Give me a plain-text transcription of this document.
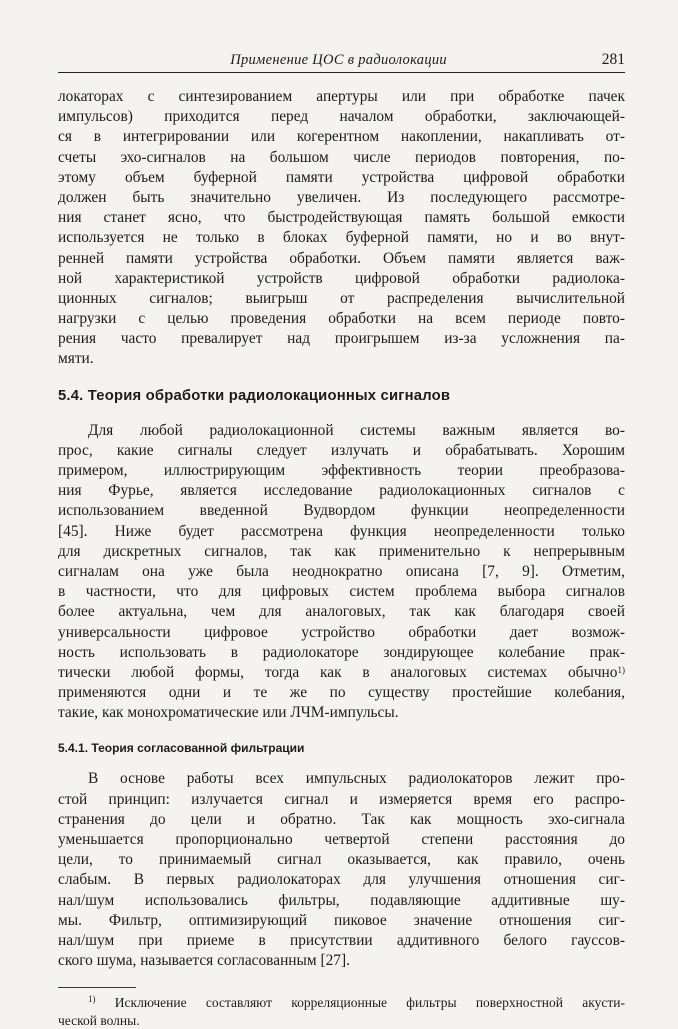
Применение ЦОС в радиолокации	281
локаторах с синтезированием апертуры или при обработке пачек
импульсов) приходится перед началом обработки, заключающей-
ся в интегрировании или когерентном накоплении, накапливать от-
счеты эхо-сигналов на большом числе периодов повторения, по-
этому объем буферной памяти устройства цифровой обработки
должен быть значительно увеличен. Из последующего рассмотре-
ния станет ясно, что быстродействующая память большой емкости
используется не только в блоках буферной памяти, но и во внут-
ренней памяти устройства обработки. Объем памяти является важ-
ной характеристикой устройств цифровой обработки радиолока-
ционных сигналов; выигрыш от распределения вычислительной
нагрузки с целью проведения обработки на всем периоде повто-
рения часто превалирует над проигрышем из-за усложнения па-
мяти.
5.4. Теория обработки радиолокационных сигналов
Для любой радиолокационной системы важным является во-
прос, какие сигналы следует излучать и обрабатывать. Хорошим
примером, иллюстрирующим эффективность теории преобразова-
ния Фурье, является исследование радиолокационных сигналов с
использованием введенной Вудвордом функции неопределенности
[45]. Ниже будет рассмотрена функция неопределенности только
для дискретных сигналов, так как применительно к непрерывным
сигналам она уже была неоднократно описана [7, 9]. Отметим,
в частности, что для цифровых систем проблема выбора сигналов
более актуальна, чем для аналоговых, так как благодаря своей
универсальности цифровое устройство обработки дает возмож-
ность использовать в радиолокаторе зондирующее колебание прак-
тически любой формы, тогда как в аналоговых системах обычно$^{1)}$
применяются одни и те же по существу простейшие колебания,
такие, как монохроматические или ЛЧМ-импульсы.
5.4.1. Теория согласованной фильтрации
В основе работы всех импульсных радиолокаторов лежит про-
стой принцип: излучается сигнал и измеряется время его распро-
странения до цели и обратно. Так как мощность эхо-сигнала
уменьшается пропорционально четвертой степени расстояния до
цели, то принимаемый сигнал оказывается, как правило, очень
слабым. В первых радиолокаторах для улучшения отношения сиг-
нал/шум использовались фильтры, подавляющие аддитивные шу-
мы. Фильтр, оптимизирующий пиковое значение отношения сиг-
нал/шум при приеме в присутствии аддитивного белого гауссов-
ского шума, называется согласованным [27].
$^{1)}$ Исключение составляют корреляционные фильтры поверхностной акусти-
ческой волны.
